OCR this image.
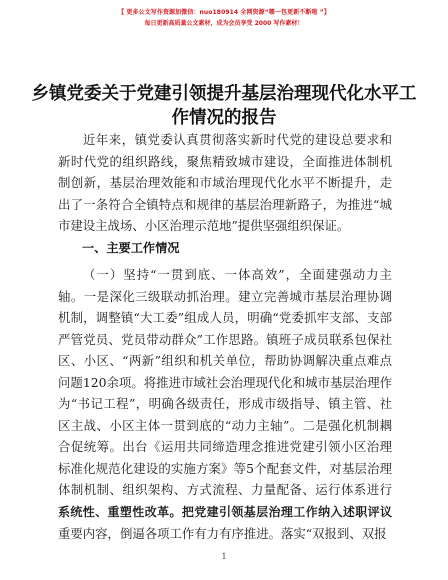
【 更多公文写作资源加微信：nuo180914 全网资源“哪一包更新不断啦 ”】
每日更新高质量公文素材，成为会员享受 2000 写作素材！
乡镇党委关于党建引领提升基层治理现代化水平工作情况的报告

近年来，镇党委认真贯彻落实新时代党的建设总要求和新时代党的组织路线，聚焦精致城市建设，全面推进体制机制创新，基层治理效能和市域治理现代化水平不断提升，走出了一条符合全镇特点和规律的基层治理新路子，为推进“城市建设主战场、小区治理示范地”提供坚强组织保证。

一、主要工作情况

（一）坚持“一贯到底、一体高效”，全面建强动力主轴。一是深化三级联动抓治理。建立完善城市基层治理协调机制，调整镇“大工委”组成人员，明确“党委抓牢支部、支部严管党员、党员带动群众”工作思路。镇班子成员联系包保社区、小区、“两新”组织和机关单位，帮助协调解决重点难点问题120余项。将推进市域社会治理现代化和城市基层治理作为“书记工程”，明确各级责任，形成市级指导、镇主管、社区主战、小区主体一贯到底的“动力主轴”。二是强化机制耦合促统筹。出台《运用共同缔造理念推进党建引领小区治理标准化规范化建设的实施方案》等5个配套文件，对基层治理体制机制、组织架构、方式流程、力量配备、运行体系进行系统性、重塑性改革。把党建引领基层治理工作纳入述职评议重要内容，倒逼各项工作有力有序推进。落实“双报到、双报

1
